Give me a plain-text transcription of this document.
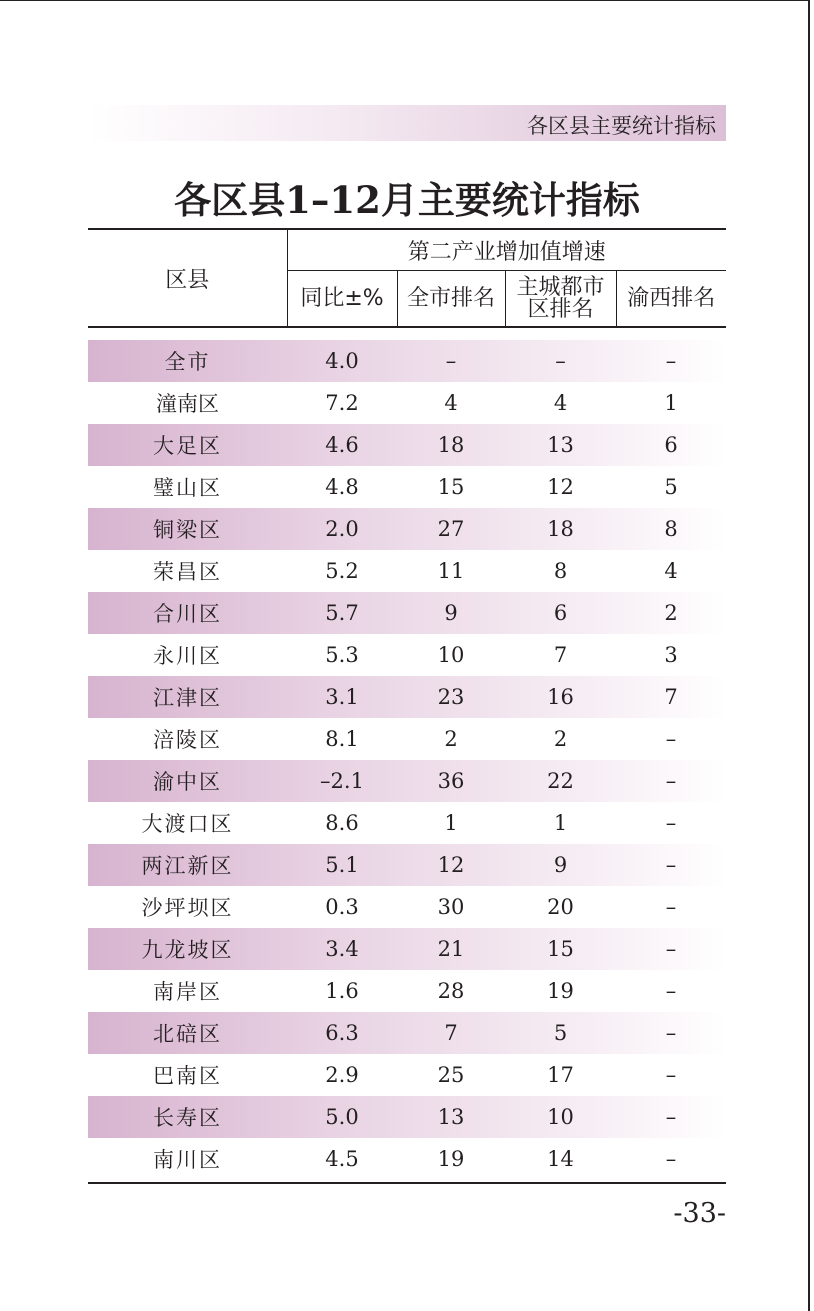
各区县主要统计指标
各区县1–12月主要统计指标
区县	第二产业增加值增速			
	同比±%	全市排名	主城都市
区排名	渝西排名

全市	4.0	–	–	–
潼南区	7.2	4	4	1
大足区	4.6	18	13	6
璧山区	4.8	15	12	5
铜梁区	2.0	27	18	8
荣昌区	5.2	11	8	4
合川区	5.7	9	6	2
永川区	5.3	10	7	3
江津区	3.1	23	16	7
涪陵区	8.1	2	2	–
渝中区	–2.1	36	22	–
大渡口区	8.6	1	1	–
两江新区	5.1	12	9	–
沙坪坝区	0.3	30	20	–
九龙坡区	3.4	21	15	–
南岸区	1.6	28	19	–
北碚区	6.3	7	5	–
巴南区	2.9	25	17	–
长寿区	5.0	13	10	–
南川区	4.5	19	14	–
-33-
